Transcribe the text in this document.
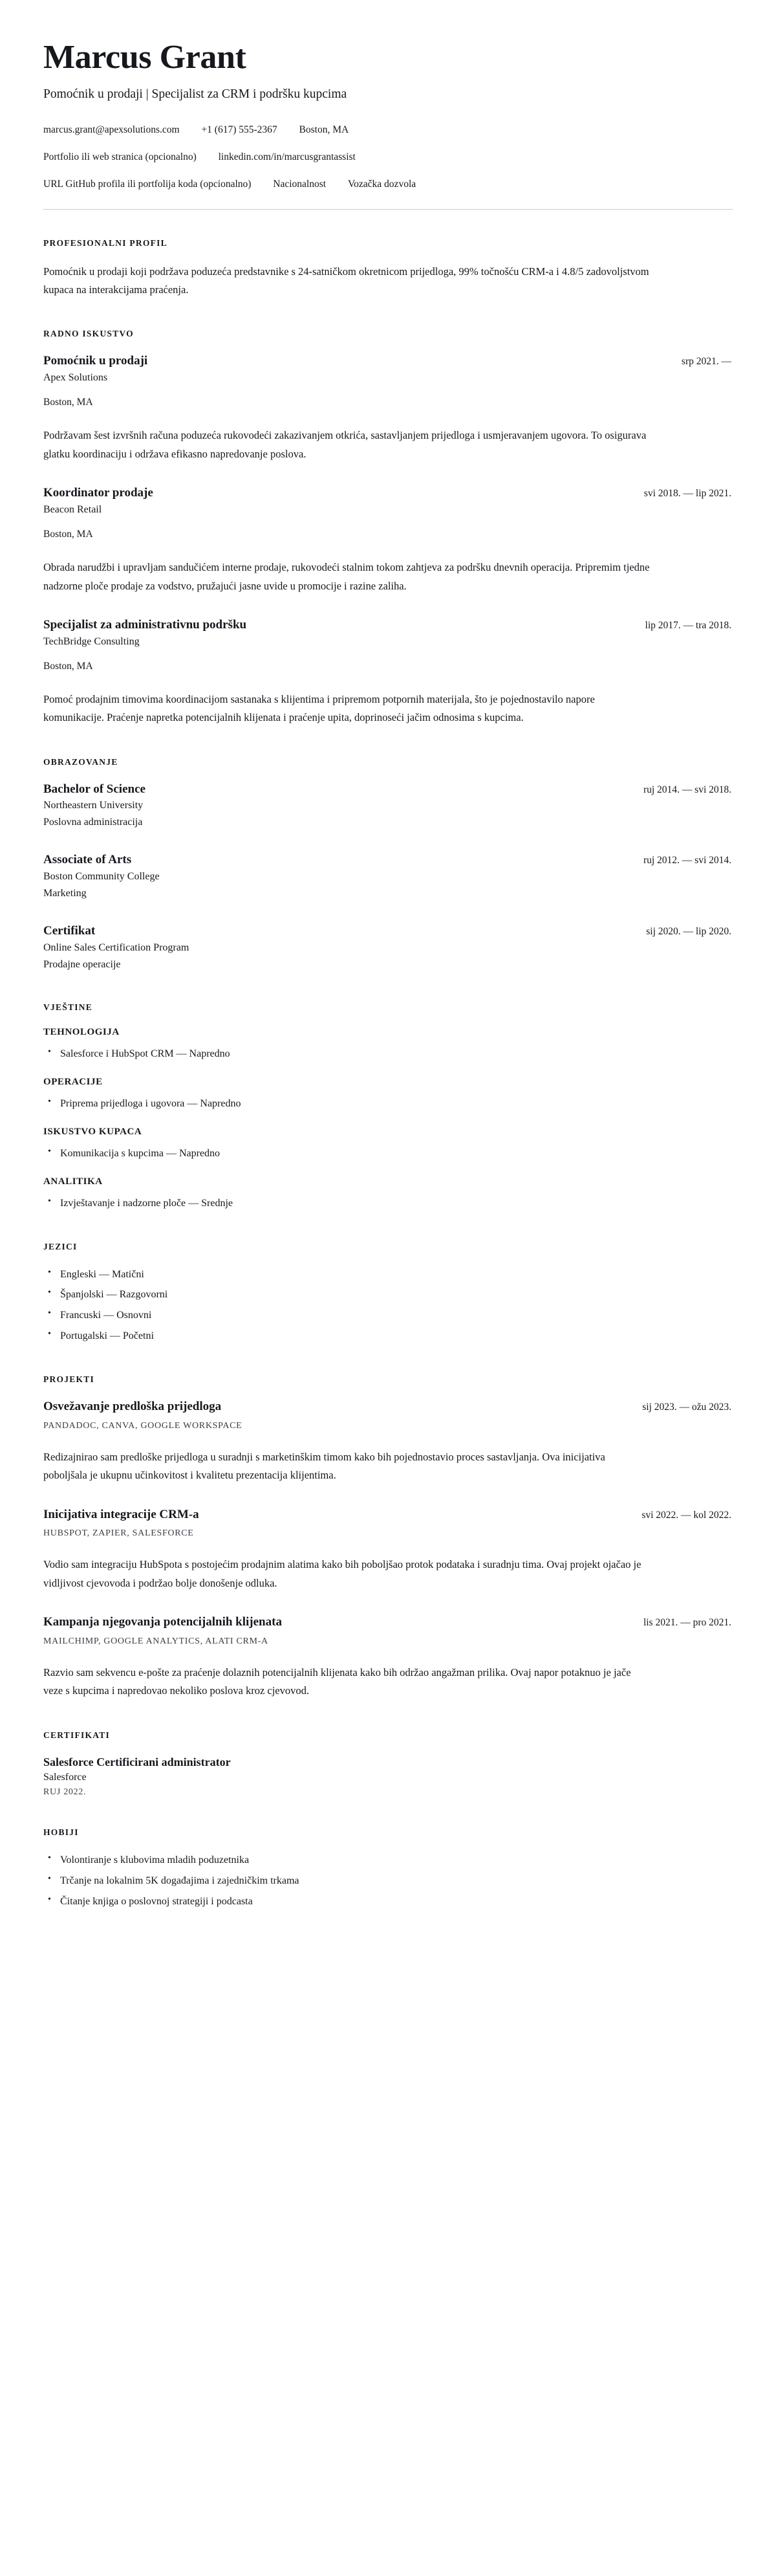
Marcus Grant
Pomoćnik u prodaji | Specijalist za CRM i podršku kupcima
marcus.grant@apexsolutions.com +1 (617) 555-2367 Boston, MA
Portfolio ili web stranica (opcionalno) linkedin.com/in/marcusgrantassist
URL GitHub profila ili portfolija koda (opcionalno) Nacionalnost Vozačka dozvola
PROFESIONALNI PROFIL

Pomoćnik u prodaji koji podržava poduzeća predstavnike s 24-satničkom okretnicom prijedloga, 99% točnošću CRM-a i 4.8/5 zadovoljstvom kupaca na interakcijama praćenja.

RADNO ISKUSTVO
Pomoćnik u prodaji	srp 2021. —

Apex Solutions

Boston, MA

Podržavam šest izvršnih računa poduzeća rukovodeći zakazivanjem otkrića, sastavljanjem prijedloga i usmjeravanjem ugovora. To osigurava glatku koordinaciju i održava efikasno napredovanje poslova.

Koordinator prodaje	svi 2018. — lip 2021.

Beacon Retail

Boston, MA

Obrada narudžbi i upravljam sandučićem interne prodaje, rukovodeći stalnim tokom zahtjeva za podršku dnevnih operacija. Pripremim tjedne nadzorne ploče prodaje za vodstvo, pružajući jasne uvide u promocije i razine zaliha.

Specijalist za administrativnu podršku	lip 2017. — tra 2018.

TechBridge Consulting

Boston, MA

Pomoć prodajnim timovima koordinacijom sastanaka s klijentima i pripremom potpornih materijala, što je pojednostavilo napore komunikacije. Praćenje napretka potencijalnih klijenata i praćenje upita, doprinoseći jačim odnosima s kupcima.

OBRAZOVANJE
Bachelor of Science	ruj 2014. — svi 2018.

Northeastern University

Poslovna administracija

Associate of Arts	ruj 2012. — svi 2014.

Boston Community College

Marketing

Certifikat	sij 2020. — lip 2020.

Online Sales Certification Program

Prodajne operacije

VJEŠTINE
TEHNOLOGIJA
• Salesforce i HubSpot CRM — Napredno
OPERACIJE
• Priprema prijedloga i ugovora — Napredno
ISKUSTVO KUPACA
• Komunikacija s kupcima — Napredno
ANALITIKA
• Izvještavanje i nadzorne ploče — Srednje
JEZICI
• Engleski — Matični
• Španjolski — Razgovorni
• Francuski — Osnovni
• Portugalski — Početni
PROJEKTI
Osvežavanje predloška prijedloga	sij 2023. — ožu 2023.

PANDADOC, CANVA, GOOGLE WORKSPACE

Redizajnirao sam predloške prijedloga u suradnji s marketinškim timom kako bih pojednostavio proces sastavljanja. Ova inicijativa poboljšala je ukupnu učinkovitost i kvalitetu prezentacija klijentima.

Inicijativa integracije CRM-a	svi 2022. — kol 2022.

HUBSPOT, ZAPIER, SALESFORCE

Vodio sam integraciju HubSpota s postojećim prodajnim alatima kako bih poboljšao protok podataka i suradnju tima. Ovaj projekt ojačao je vidljivost cjevovoda i podržao bolje donošenje odluka.

Kampanja njegovanja potencijalnih klijenata	lis 2021. — pro 2021.

MAILCHIMP, GOOGLE ANALYTICS, ALATI CRM-A

Razvio sam sekvencu e-pošte za praćenje dolaznih potencijalnih klijenata kako bih održao angažman prilika. Ovaj napor potaknuo je jače veze s kupcima i napredovao nekoliko poslova kroz cjevovod.

CERTIFIKATI

Salesforce Certificirani administrator

Salesforce

RUJ 2022.

HOBIJI
• Volontiranje s klubovima mladih poduzetnika
• Trčanje na lokalnim 5K događajima i zajedničkim trkama
• Čitanje knjiga o poslovnoj strategiji i podcasta
